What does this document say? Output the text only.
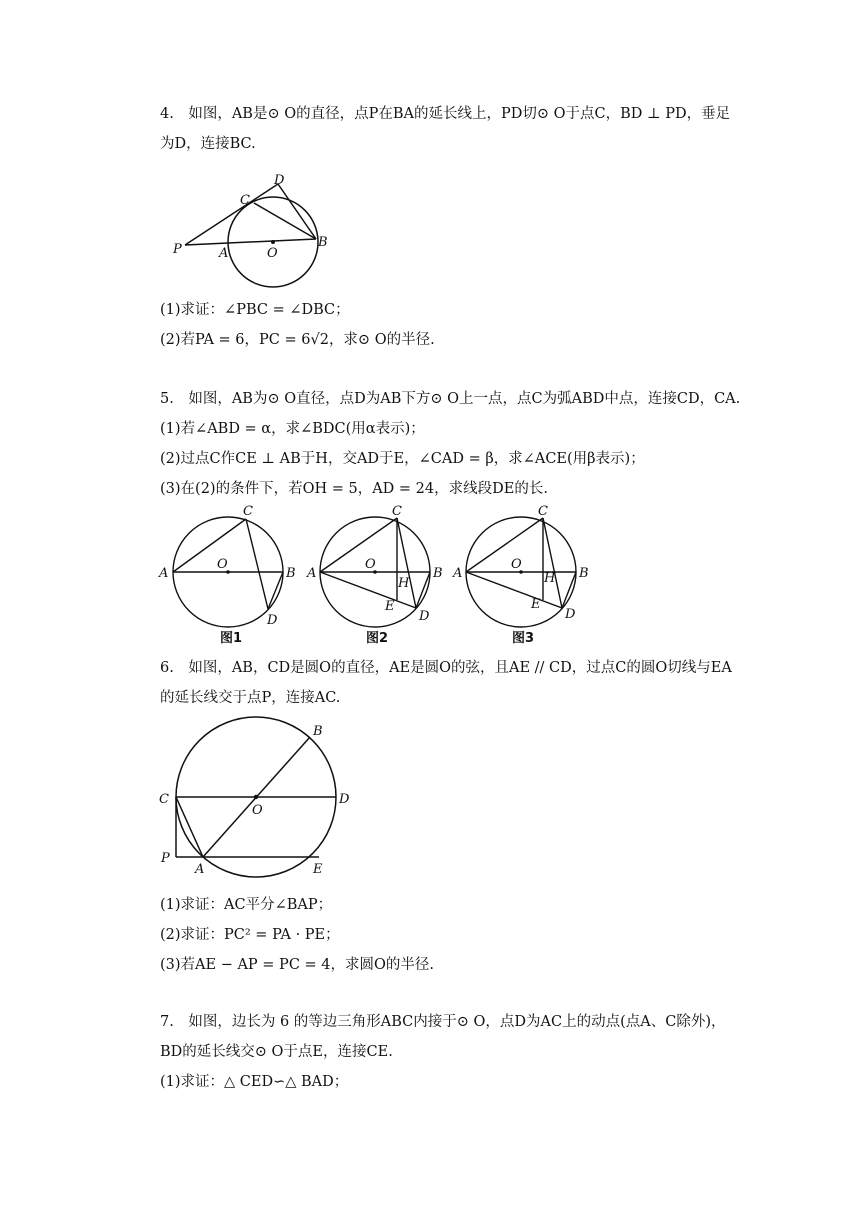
4.　如图，AB是⊙ O的直径，点P在BA的延长线上，PD切⊙ O于点C，BD ⊥ PD，垂足
为D，连接BC.
P	A	O
B
C
D
(1)求证：∠PBC = ∠DBC；
(2)若PA = 6，PC = 6√2，求⊙ O的半径.
5.　如图，AB为⊙ O直径，点D为AB下方⊙ O上一点，点C为弧ABD中点，连接CD，CA.
(1)若∠ABD = α，求∠BDC(用α表示)；
(2)过点C作CE ⊥ AB于H，交AD于E，∠CAD = β，求∠ACE(用β表示)；
(3)在(2)的条件下，若OH = 5，AD = 24，求线段DE的长.
A	B
C
D
O
图1
A	B
C
O
H
E
D
图2
A	B
C
O
H
E
D
图3
6.　如图，AB，CD是圆O的直径，AE是圆O的弦，且AE // CD，过点C的圆O切线与EA
的延长线交于点P，连接AC.
B
C	D
O
P
A	E
(1)求证：AC平分∠BAP；
(2)求证：PC² = PA · PE；
(3)若AE − AP = PC = 4，求圆O的半径.
7.　如图，边长为 6 的等边三角形ABC内接于⊙ O，点D为AC上的动点(点A、C除外)，
BD的延长线交⊙ O于点E，连接CE.
(1)求证：△ CED∽△ BAD；
